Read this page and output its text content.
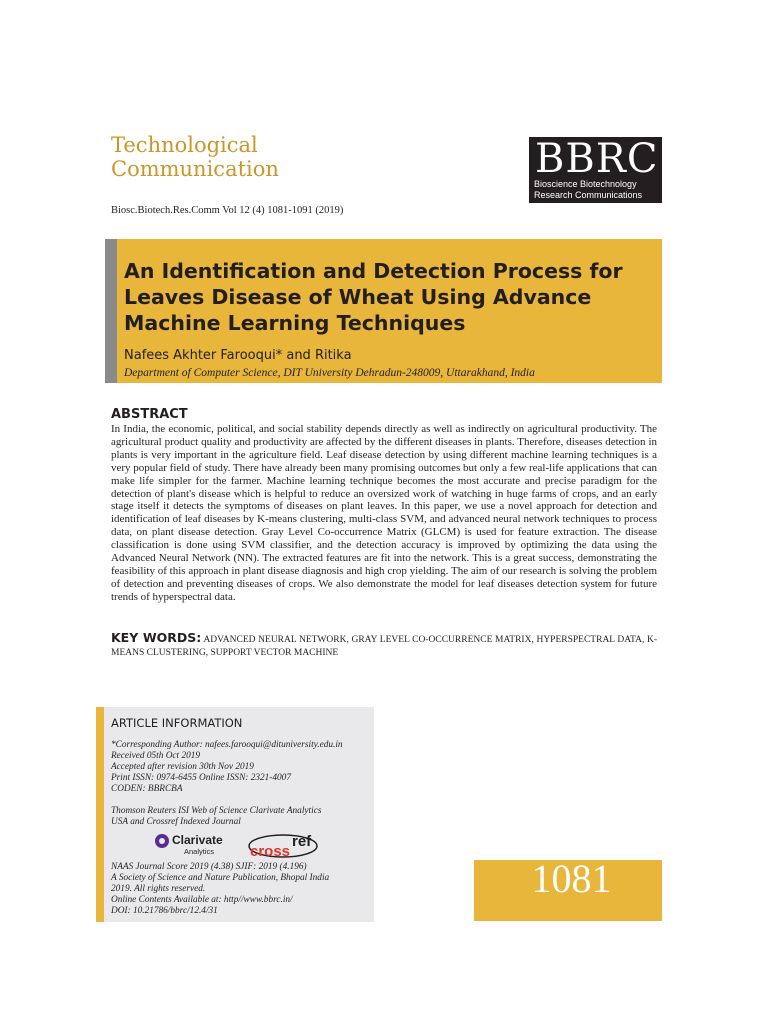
Technological
Communication
Biosc.Biotech.Res.Comm Vol 12 (4) 1081-1091 (2019)
BBRC
Bioscience Biotechnology
Research Communications
An Identification and Detection Process for Leaves Disease of Wheat Using Advance Machine Learning Techniques
Nafees Akhter Farooqui* and Ritika
Department of Computer Science, DIT University Dehradun-248009, Uttarakhand, India
ABSTRACT
In India, the economic, political, and social stability depends directly as well as indirectly on agricultural productivity. The agricultural product quality and productivity are affected by the different diseases in plants. Therefore, diseases detection in plants is very important in the agriculture field. Leaf disease detection by using different machine learning techniques is a very popular field of study. There have already been many promising outcomes but only a few real-life applications that can make life simpler for the farmer. Machine learning technique becomes the most accurate and precise paradigm for the detection of plant's disease which is helpful to reduce an oversized work of watching in huge farms of crops, and an early stage itself it detects the symptoms of diseases on plant leaves. In this paper, we use a novel approach for detection and identification of leaf diseases by K-means clustering, multi-class SVM, and advanced neural network techniques to process data, on plant disease detection. Gray Level Co-occurrence Matrix (GLCM) is used for feature extraction. The disease classification is done using SVM classifier, and the detection accuracy is improved by optimizing the data using the Advanced Neural Network (NN). The extracted features are fit into the network. This is a great success, demonstrating the feasibility of this approach in plant disease diagnosis and high crop yielding. The aim of our research is solving the problem of detection and preventing diseases of crops. We also demonstrate the model for leaf diseases detection system for future trends of hyperspectral data.
KEY WORDS: ADVANCED NEURAL NETWORK, GRAY LEVEL CO-OCCURRENCE MATRIX, HYPERSPECTRAL DATA, K-MEANS CLUSTERING, SUPPORT VECTOR MACHINE
ARTICLE INFORMATION
*Corresponding Author: nafees.farooqui@dituniversity.edu.in
Received 05th Oct 2019
Accepted after revision 30th Nov 2019
Print ISSN: 0974-6455 Online ISSN: 2321-4007
CODEN: BBRCBA
Thomson Reuters ISI Web of Science Clarivate Analytics
USA and Crossref Indexed Journal
Clarivate
Analytics cross
ref
NAAS Journal Score 2019 (4.38) SJIF: 2019 (4.196)
A Society of Science and Nature Publication, Bhopal India
2019. All rights reserved.
Online Contents Available at: http//www.bbrc.in/
DOI: 10.21786/bbrc/12.4/31
1081
